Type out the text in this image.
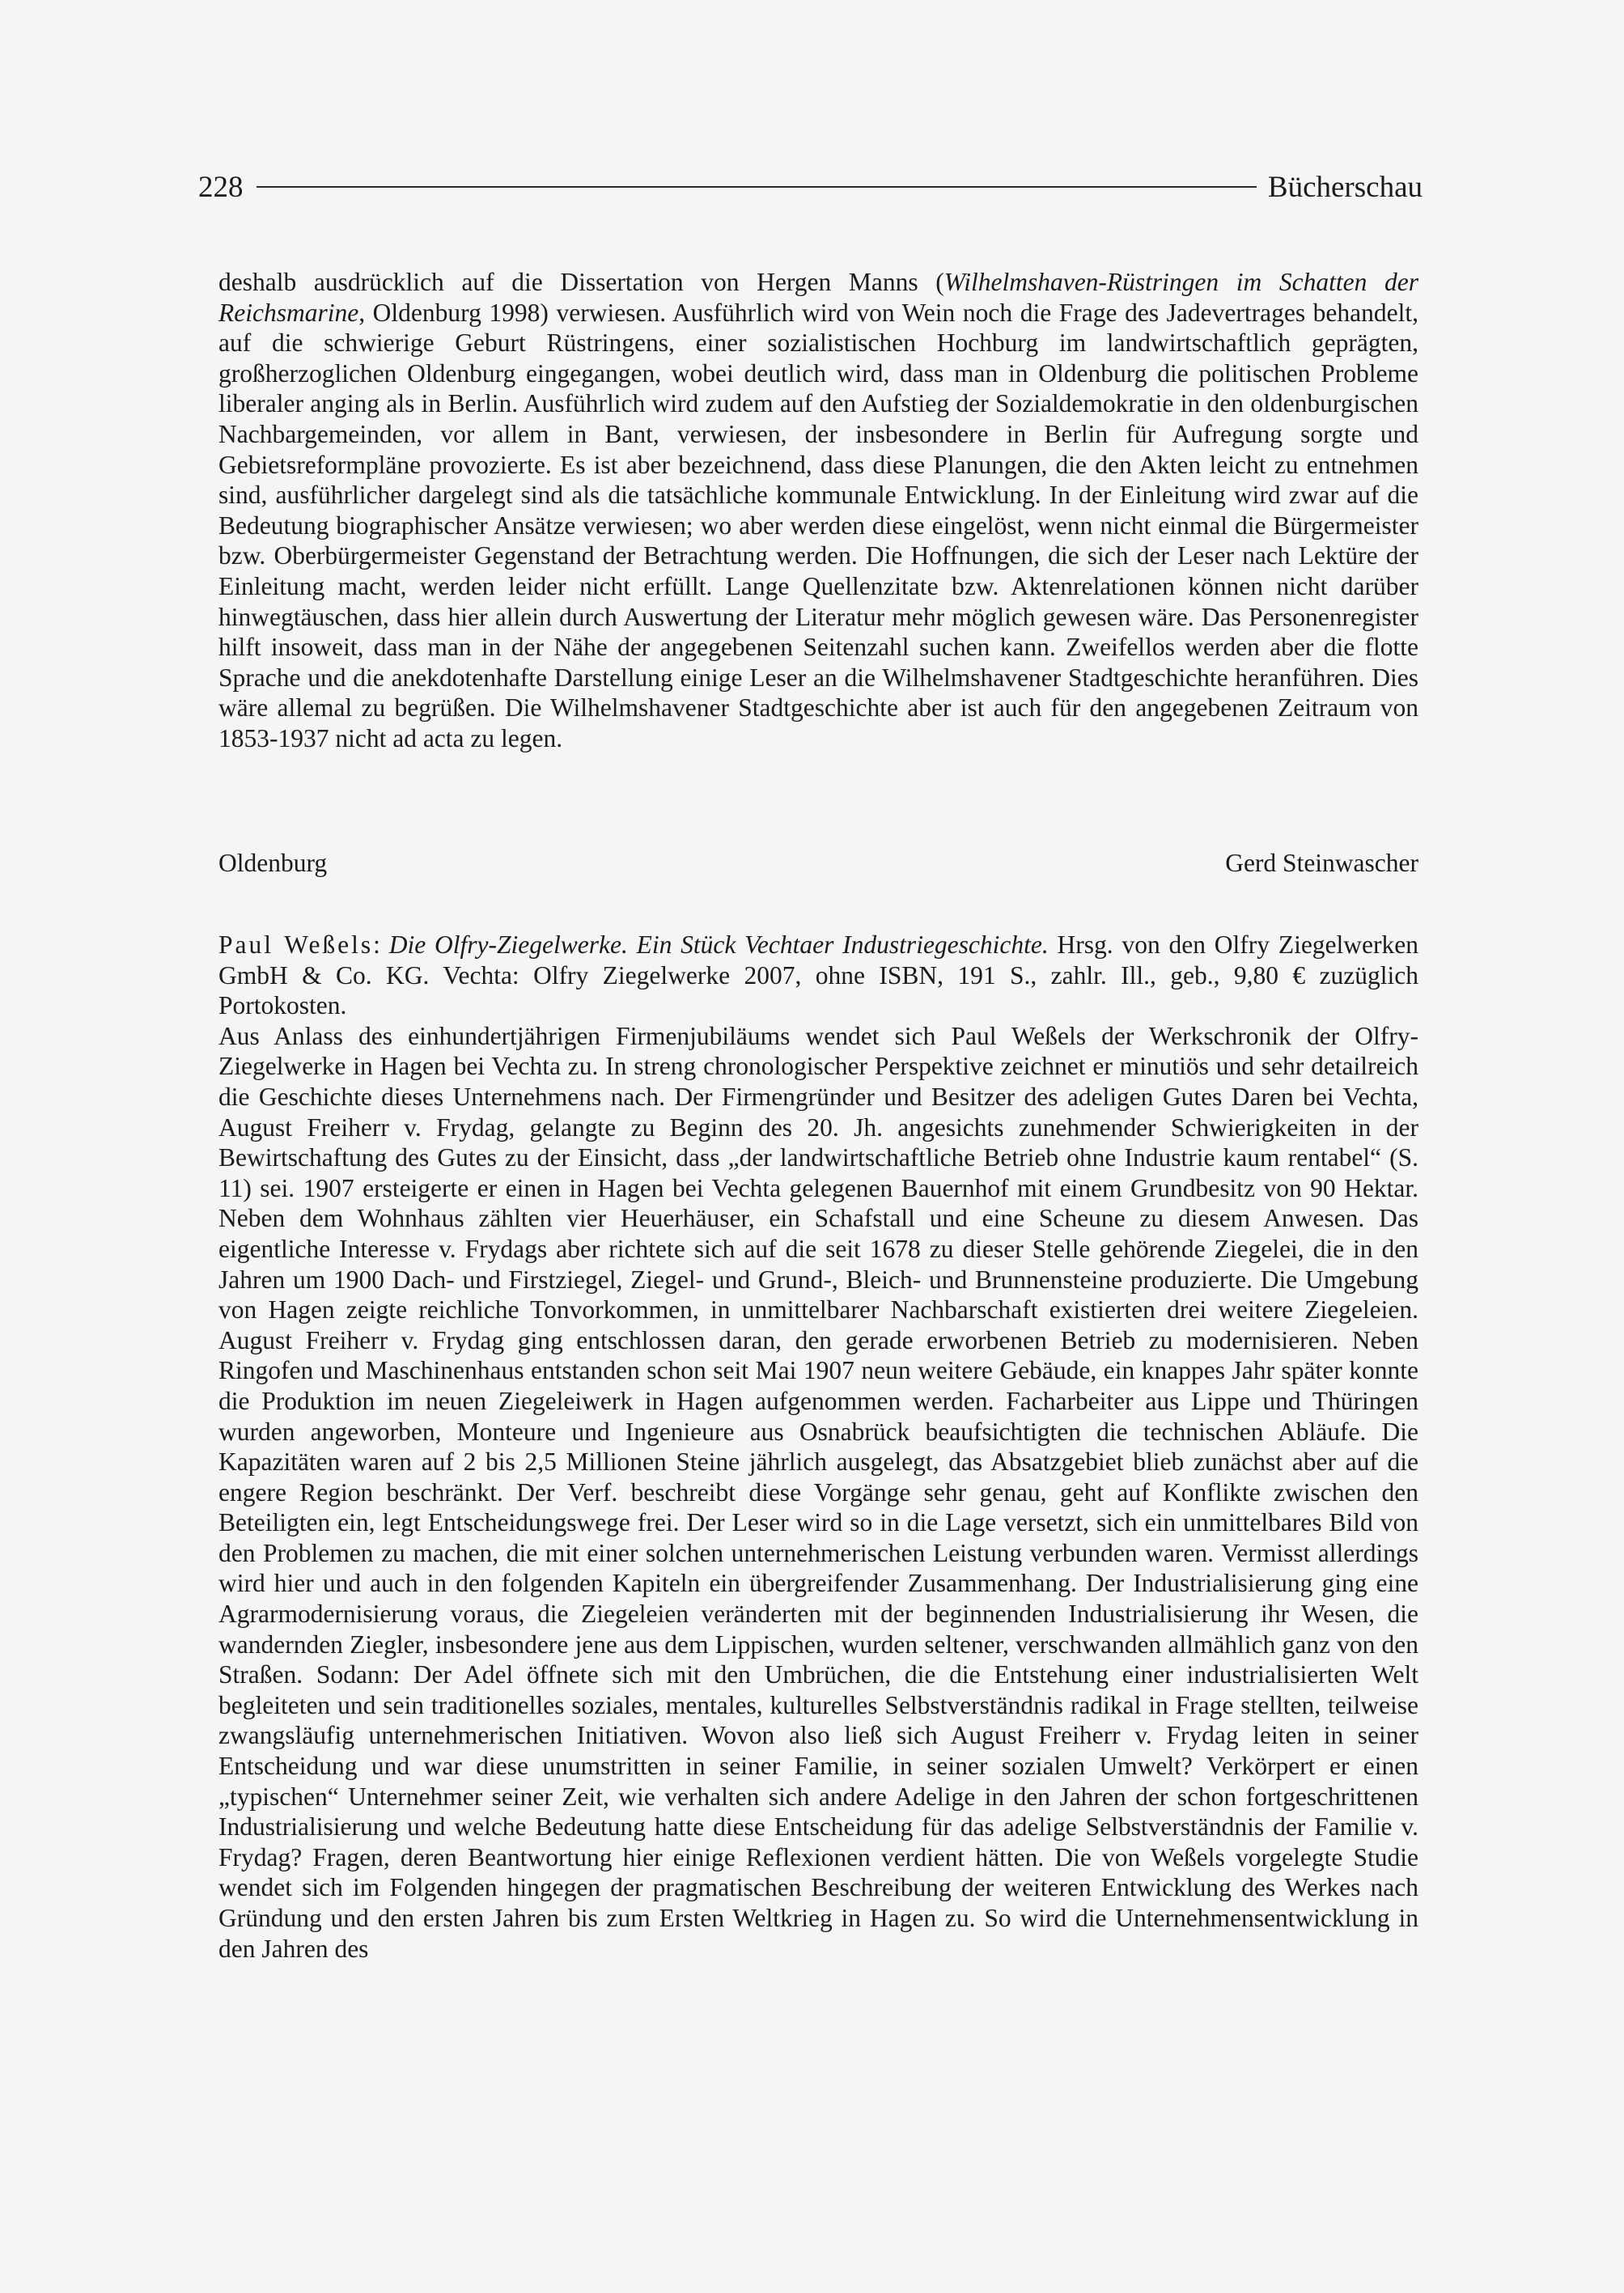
228	Bücherschau

deshalb ausdrücklich auf die Dissertation von Hergen Manns (Wilhelmshaven-Rüstringen im Schatten der Reichsmarine, Oldenburg 1998) verwiesen. Ausführlich wird von Wein noch die Frage des Jadevertrages behandelt, auf die schwierige Geburt Rüstringens, einer sozialistischen Hochburg im landwirtschaftlich geprägten, großherzoglichen Oldenburg eingegangen, wobei deutlich wird, dass man in Oldenburg die politischen Probleme liberaler anging als in Berlin. Ausführlich wird zudem auf den Aufstieg der Sozialdemokratie in den oldenburgischen Nachbargemeinden, vor allem in Bant, verwiesen, der insbesondere in Berlin für Aufregung sorgte und Gebietsreformpläne provozierte. Es ist aber bezeichnend, dass diese Planungen, die den Akten leicht zu entnehmen sind, ausführlicher dargelegt sind als die tatsächliche kommunale Entwicklung. In der Einleitung wird zwar auf die Bedeutung biographischer Ansätze verwiesen; wo aber werden diese eingelöst, wenn nicht einmal die Bürgermeister bzw. Oberbürgermeister Gegenstand der Betrachtung werden. Die Hoffnungen, die sich der Leser nach Lektüre der Einleitung macht, werden leider nicht erfüllt. Lange Quellenzitate bzw. Aktenrelationen können nicht darüber hinwegtäuschen, dass hier allein durch Auswertung der Literatur mehr möglich gewesen wäre. Das Personenregister hilft insoweit, dass man in der Nähe der angegebenen Seitenzahl suchen kann. Zweifellos werden aber die flotte Sprache und die anekdotenhafte Darstellung einige Leser an die Wilhelmshavener Stadtgeschichte heranführen. Dies wäre allemal zu begrüßen. Die Wilhelmshavener Stadtgeschichte aber ist auch für den angegebenen Zeitraum von 1853-1937 nicht ad acta zu legen.

Oldenburg	Gerd Steinwascher

Paul Weßels: Die Olfry-Ziegelwerke. Ein Stück Vechtaer Industriegeschichte. Hrsg. von den Olfry Ziegelwerken GmbH & Co. KG. Vechta: Olfry Ziegelwerke 2007, ohne ISBN, 191 S., zahlr. Ill., geb., 9,80 € zuzüglich Portokosten.

Aus Anlass des einhundertjährigen Firmenjubiläums wendet sich Paul Weßels der Werkschronik der Olfry-Ziegelwerke in Hagen bei Vechta zu. In streng chronologischer Perspektive zeichnet er minutiös und sehr detailreich die Geschichte dieses Unternehmens nach. Der Firmengründer und Besitzer des adeligen Gutes Daren bei Vechta, August Freiherr v. Frydag, gelangte zu Beginn des 20. Jh. angesichts zunehmender Schwierigkeiten in der Bewirtschaftung des Gutes zu der Einsicht, dass „der landwirtschaftliche Betrieb ohne Industrie kaum rentabel“ (S. 11) sei. 1907 ersteigerte er einen in Hagen bei Vechta gelegenen Bauernhof mit einem Grundbesitz von 90 Hektar. Neben dem Wohnhaus zählten vier Heuerhäuser, ein Schafstall und eine Scheune zu diesem Anwesen. Das eigentliche Interesse v. Frydags aber richtete sich auf die seit 1678 zu dieser Stelle gehörende Ziegelei, die in den Jahren um 1900 Dach- und Firstziegel, Ziegel- und Grund-, Bleich- und Brunnensteine produzierte. Die Umgebung von Hagen zeigte reichliche Tonvorkommen, in unmittelbarer Nachbarschaft existierten drei weitere Ziegeleien. August Freiherr v. Frydag ging entschlossen daran, den gerade erworbenen Betrieb zu modernisieren. Neben Ringofen und Maschinenhaus entstanden schon seit Mai 1907 neun weitere Gebäude, ein knappes Jahr später konnte die Produktion im neuen Ziegeleiwerk in Hagen aufgenommen werden. Facharbeiter aus Lippe und Thüringen wurden angeworben, Monteure und Ingenieure aus Osnabrück beaufsichtigten die technischen Abläufe. Die Kapazitäten waren auf 2 bis 2,5 Millionen Steine jährlich ausgelegt, das Absatzgebiet blieb zunächst aber auf die engere Region beschränkt. Der Verf. beschreibt diese Vorgänge sehr genau, geht auf Konflikte zwischen den Beteiligten ein, legt Entscheidungswege frei. Der Leser wird so in die Lage versetzt, sich ein unmittelbares Bild von den Problemen zu machen, die mit einer solchen unternehmerischen Leistung verbunden waren. Vermisst allerdings wird hier und auch in den folgenden Kapiteln ein übergreifender Zusammenhang. Der Industrialisierung ging eine Agrarmodernisierung voraus, die Ziegeleien veränderten mit der beginnenden Industrialisierung ihr Wesen, die wandernden Ziegler, insbesondere jene aus dem Lippischen, wurden seltener, verschwanden allmählich ganz von den Straßen. Sodann: Der Adel öffnete sich mit den Umbrüchen, die die Entstehung einer industrialisierten Welt begleiteten und sein traditionelles soziales, mentales, kulturelles Selbstverständnis radikal in Frage stellten, teilweise zwangsläufig unternehmerischen Initiativen. Wovon also ließ sich August Freiherr v. Frydag leiten in seiner Entscheidung und war diese unumstritten in seiner Familie, in seiner sozialen Umwelt? Verkörpert er einen „typischen“ Unternehmer seiner Zeit, wie verhalten sich andere Adelige in den Jahren der schon fortgeschrittenen Industrialisierung und welche Bedeutung hatte diese Entscheidung für das adelige Selbstverständnis der Familie v. Frydag? Fragen, deren Beantwortung hier einige Reflexionen verdient hätten. Die von Weßels vorgelegte Studie wendet sich im Folgenden hingegen der pragmatischen Beschreibung der weiteren Entwicklung des Werkes nach Gründung und den ersten Jahren bis zum Ersten Weltkrieg in Hagen zu. So wird die Unternehmensentwicklung in den Jahren des
